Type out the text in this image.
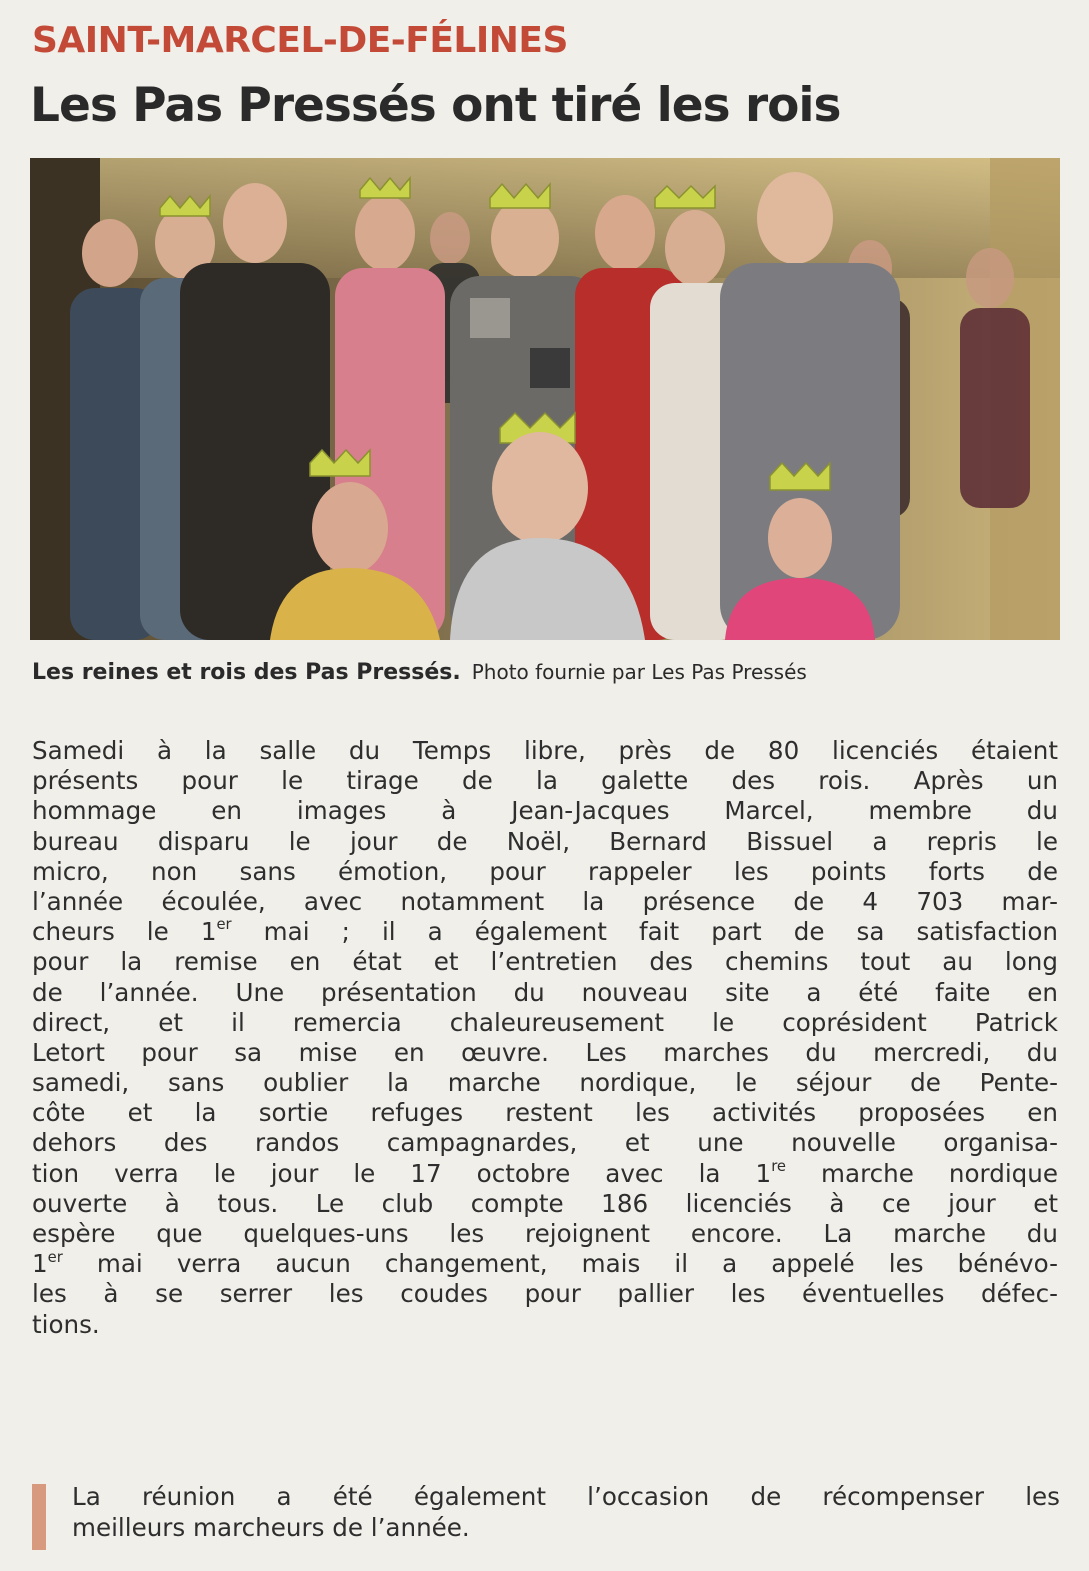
SAINT-MARCEL-DE-FÉLINES
Les Pas Pressés ont tiré les rois
Les reines et rois des Pas Pressés. Photo fournie par Les Pas Pressés
Samedi à la salle du Temps libre, près de 80 licenciés étaient
présents pour le tirage de la galette des rois. Après un
hommage en images à Jean-Jacques Marcel, membre du
bureau disparu le jour de Noël, Bernard Bissuel a repris le
micro, non sans émotion, pour rappeler les points forts de
l’année écoulée, avec notamment la présence de 4 703 mar-
cheurs le 1er mai ; il a également fait part de sa satisfaction
pour la remise en état et l’entretien des chemins tout au long
de l’année. Une présentation du nouveau site a été faite en
direct, et il remercia chaleureusement le coprésident Patrick
Letort pour sa mise en œuvre. Les marches du mercredi, du
samedi, sans oublier la marche nordique, le séjour de Pente-
côte et la sortie refuges restent les activités proposées en
dehors des randos campagnardes, et une nouvelle organisa-
tion verra le jour le 17 octobre avec la 1re marche nordique
ouverte à tous. Le club compte 186 licenciés à ce jour et
espère que quelques-uns les rejoignent encore. La marche du
1er mai verra aucun changement, mais il a appelé les bénévo-
les à se serrer les coudes pour pallier les éventuelles défec-
tions.
La réunion a été également l’occasion de récompenser les
meilleurs marcheurs de l’année.
